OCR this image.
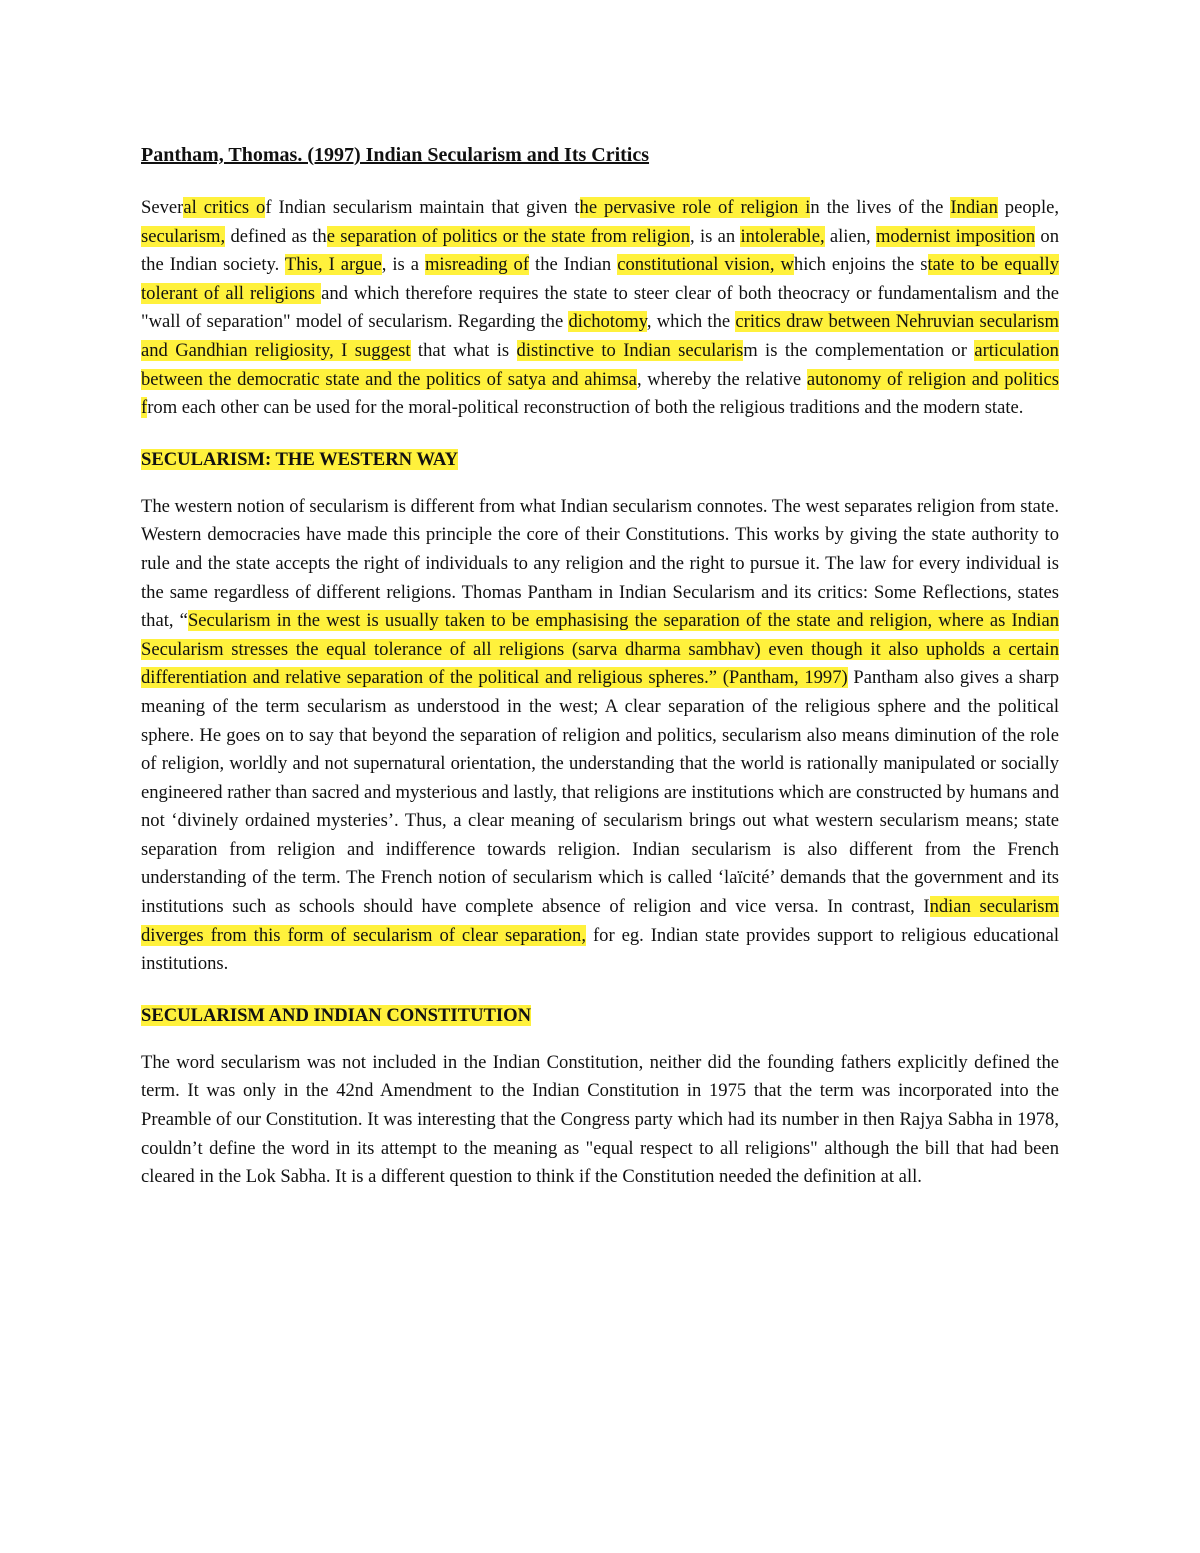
Pantham, Thomas. (1997) Indian Secularism and Its Critics

Several critics of Indian secularism maintain that given the pervasive role of religion in the lives of the Indian people, secularism, defined as the separation of politics or the state from religion, is an intolerable, alien, modernist imposition on the Indian society. This, I argue, is a misreading of the Indian constitutional vision, which enjoins the state to be equally tolerant of all religions and which therefore requires the state to steer clear of both theocracy or fundamentalism and the "wall of separation" model of secularism. Regarding the dichotomy, which the critics draw between Nehruvian secularism and Gandhian religiosity, I suggest that what is distinctive to Indian secularism is the complementation or articulation between the democratic state and the politics of satya and ahimsa, whereby the relative autonomy of religion and politics from each other can be used for the moral-political reconstruction of both the religious traditions and the modern state.

SECULARISM: THE WESTERN WAY

The western notion of secularism is different from what Indian secularism connotes. The west separates religion from state. Western democracies have made this principle the core of their Constitutions. This works by giving the state authority to rule and the state accepts the right of individuals to any religion and the right to pursue it. The law for every individual is the same regardless of different religions. Thomas Pantham in Indian Secularism and its critics: Some Reflections, states that, “Secularism in the west is usually taken to be emphasising the separation of the state and religion, where as Indian Secularism stresses the equal tolerance of all religions (sarva dharma sambhav) even though it also upholds a certain differentiation and relative separation of the political and religious spheres.” (Pantham, 1997) Pantham also gives a sharp meaning of the term secularism as understood in the west; A clear separation of the religious sphere and the political sphere. He goes on to say that beyond the separation of religion and politics, secularism also means diminution of the role of religion, worldly and not supernatural orientation, the understanding that the world is rationally manipulated or socially engineered rather than sacred and mysterious and lastly, that religions are institutions which are constructed by humans and not ‘divinely ordained mysteries’. Thus, a clear meaning of secularism brings out what western secularism means; state separation from religion and indifference towards religion. Indian secularism is also different from the French understanding of the term. The French notion of secularism which is called ‘laïcité’ demands that the government and its institutions such as schools should have complete absence of religion and vice versa. In contrast, Indian secularism diverges from this form of secularism of clear separation, for eg. Indian state provides support to religious educational institutions.

SECULARISM AND INDIAN CONSTITUTION

The word secularism was not included in the Indian Constitution, neither did the founding fathers explicitly defined the term. It was only in the 42nd Amendment to the Indian Constitution in 1975 that the term was incorporated into the Preamble of our Constitution. It was interesting that the Congress party which had its number in then Rajya Sabha in 1978, couldn’t define the word in its attempt to the meaning as "equal respect to all religions" although the bill that had been cleared in the Lok Sabha. It is a different question to think if the Constitution needed the definition at all.
